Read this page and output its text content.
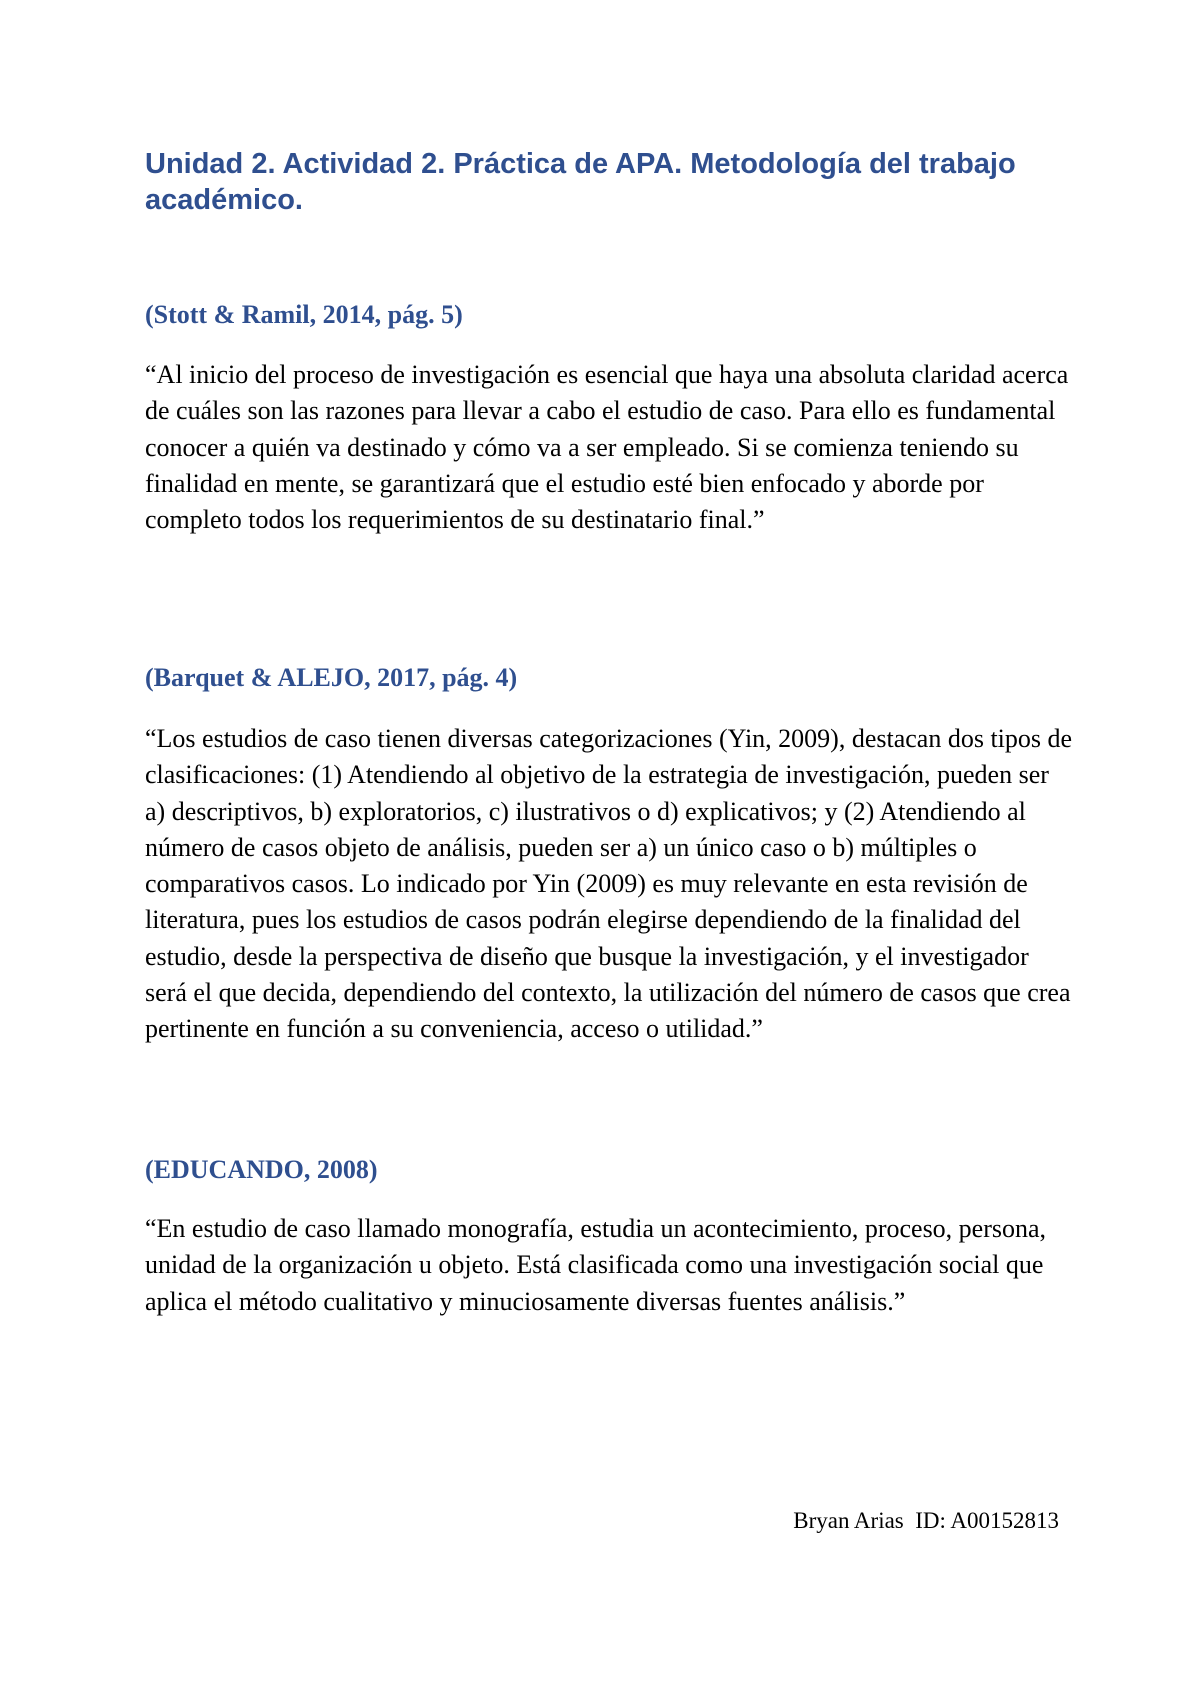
Unidad 2. Actividad 2. Práctica de APA. Metodología del trabajo académico.

(Stott & Ramil, 2014, pág. 5)

“Al inicio del proceso de investigación es esencial que haya una absoluta claridad acerca de cuáles son las razones para llevar a cabo el estudio de caso. Para ello es fundamental conocer a quién va destinado y cómo va a ser empleado. Si se comienza teniendo su finalidad en mente, se garantizará que el estudio esté bien enfocado y aborde por completo todos los requerimientos de su destinatario final.”

(Barquet & ALEJO, 2017, pág. 4)

“Los estudios de caso tienen diversas categorizaciones (Yin, 2009), destacan dos tipos de clasificaciones: (1) Atendiendo al objetivo de la estrategia de investigación, pueden ser a) descriptivos, b) exploratorios, c) ilustrativos o d) explicativos; y (2) Atendiendo al número de casos objeto de análisis, pueden ser a) un único caso o b) múltiples o comparativos casos. Lo indicado por Yin (2009) es muy relevante en esta revisión de literatura, pues los estudios de casos podrán elegirse dependiendo de la finalidad del estudio, desde la perspectiva de diseño que busque la investigación, y el investigador será el que decida, dependiendo del contexto, la utilización del número de casos que crea pertinente en función a su conveniencia, acceso o utilidad.”

(EDUCANDO, 2008)

“En estudio de caso llamado monografía, estudia un acontecimiento, proceso, persona, unidad de la organización u objeto. Está clasificada como una investigación social que aplica el método cualitativo y minuciosamente diversas fuentes análisis.”

Bryan Arias  ID: A00152813
